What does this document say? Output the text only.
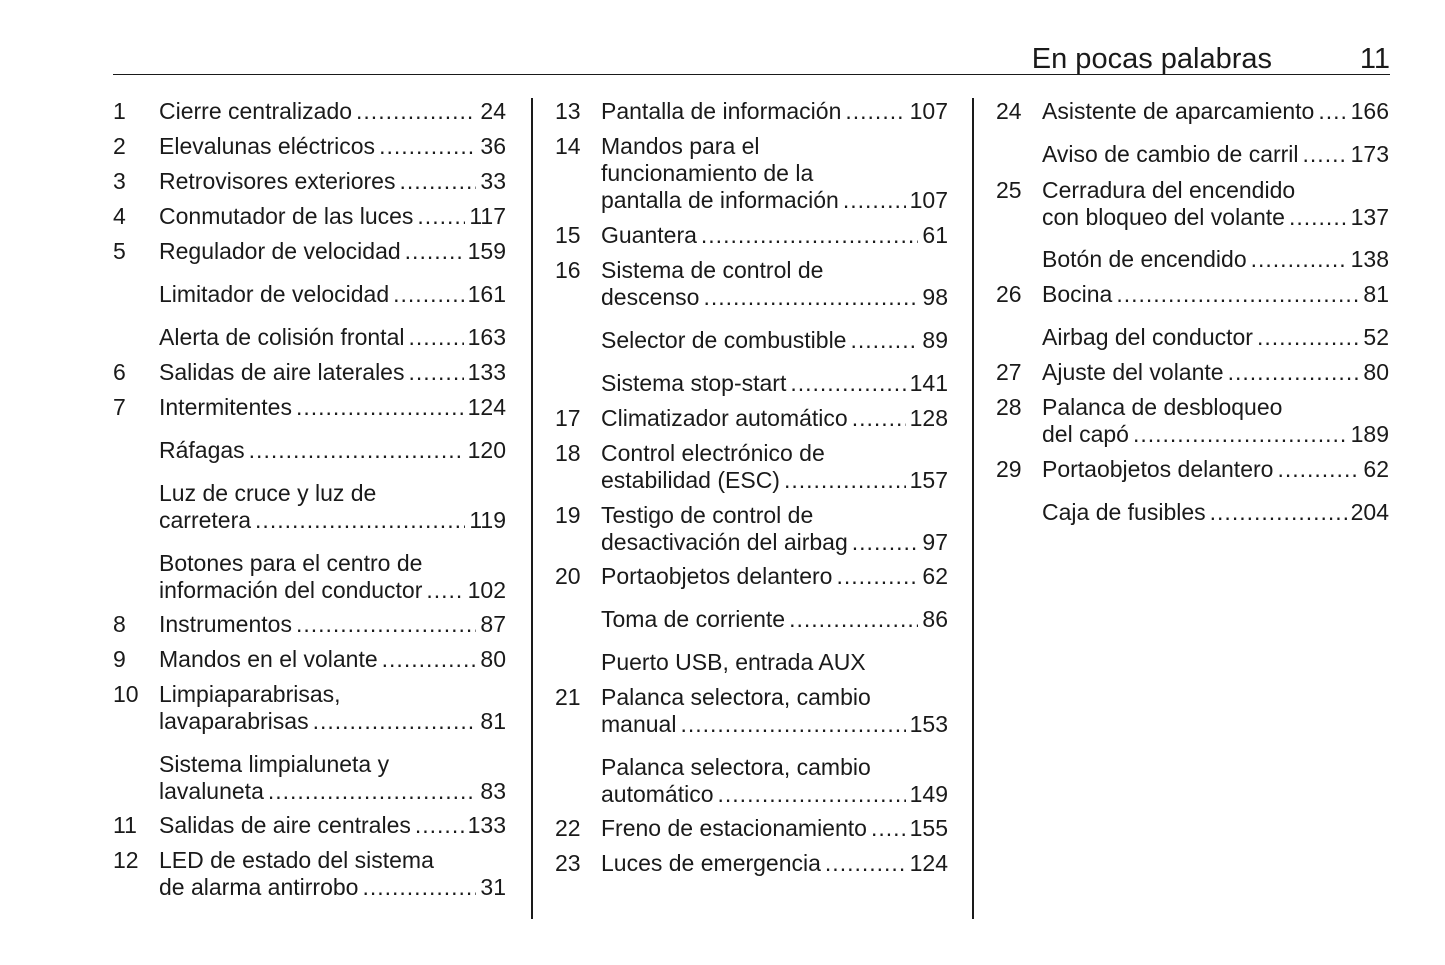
En pocas palabras	11
1	Cierre centralizado .....	24
2	Elevalunas eléctricos .....	36
3	Retrovisores exteriores .....	33
4	Conmutador de las luces ..... 117
5	Regulador de velocidad .....	159
Limitador de velocidad .....	161
Alerta de colisión frontal .....	163
6	Salidas de aire laterales .....	133
7	Intermitentes .....	124
Ráfagas .....	120
Luz de cruce y luz de
carretera .....	119
Botones para el centro de
información del conductor ..... 102
8	Instrumentos .....	87
9	Mandos en el volante .....	80
10 Limpiaparabrisas,
lavaparabrisas .....	81
Sistema limpialuneta y
lavaluneta .....	83
11 Salidas de aire centrales ..... 133
12 LED de estado del sistema
de alarma antirrobo .....	31
13 Pantalla de información .....	107
14 Mandos para el
funcionamiento de la
pantalla de información .....	107
15 Guantera .....	61
16 Sistema de control de
descenso .....	98
Selector de combustible .....	89
Sistema stop-start .....	141
17 Climatizador automático .....	128
18 Control electrónico de
estabilidad (ESC) .....	157
19 Testigo de control de
desactivación del airbag .....	97
20 Portaobjetos delantero .....	62
Toma de corriente .....	86
Puerto USB, entrada AUX
21 Palanca selectora, cambio
manual .....	153
Palanca selectora, cambio
automático .....	149
22 Freno de estacionamiento ..... 155
23 Luces de emergencia .....	124
24 Asistente de aparcamiento ..... 166
Aviso de cambio de carril ..... 173
25 Cerradura del encendido
con bloqueo del volante .....	137
Botón de encendido .....	138
26 Bocina .....	81
Airbag del conductor .....	52
27 Ajuste del volante .....	80
28 Palanca de desbloqueo
del capó .....	189
29 Portaobjetos delantero .....	62
Caja de fusibles .....	204
